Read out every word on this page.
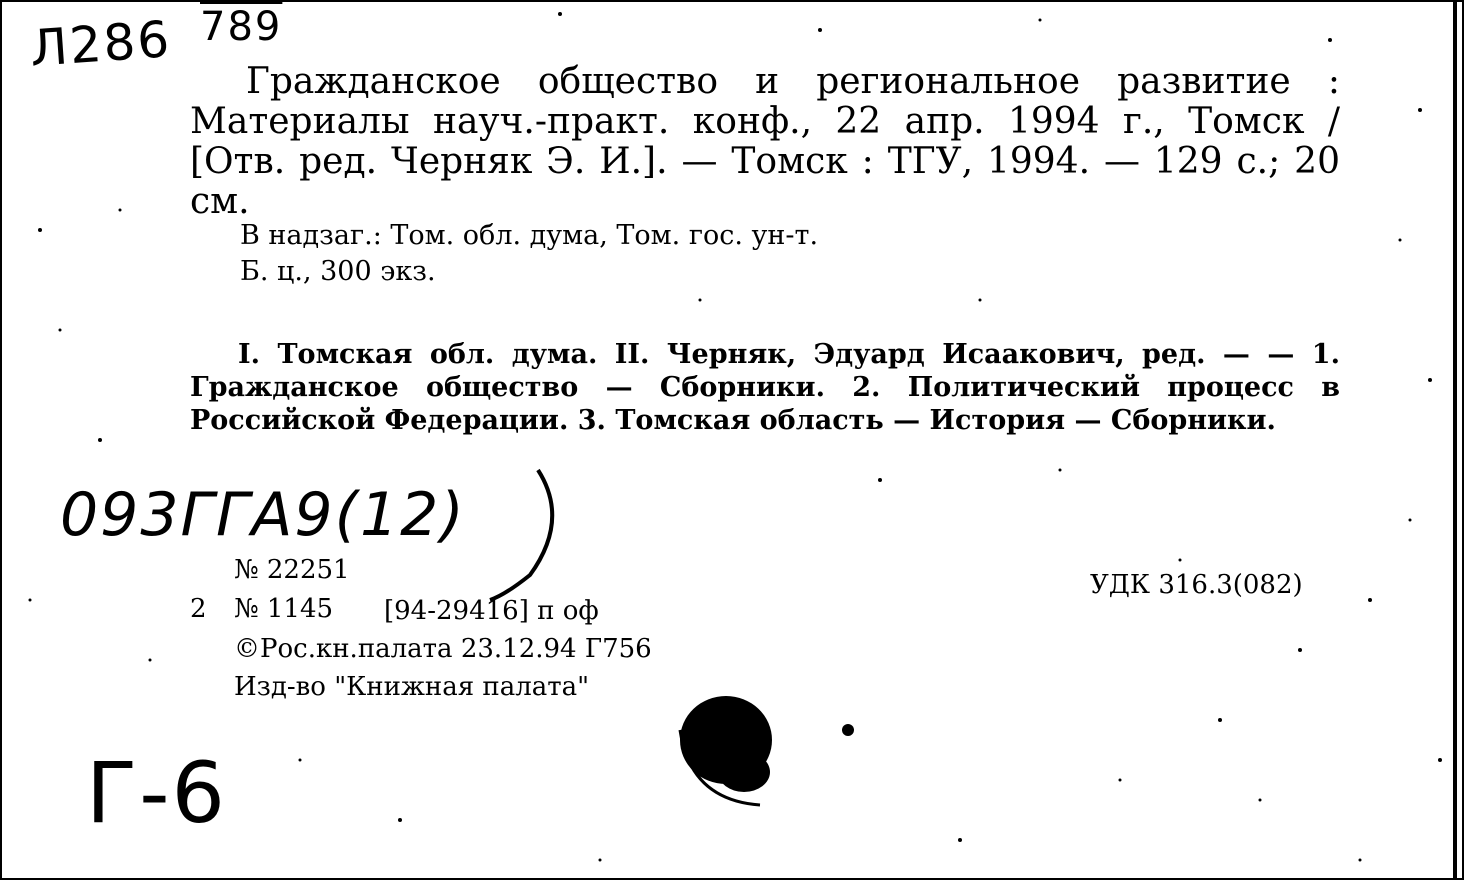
Л286 789
Гражданское общество и региональное развитие : Материалы науч.-практ. конф., 22 апр. 1994 г., Томск / [Отв. ред. Черняк Э. И.]. — Томск : ТГУ, 1994. — 129 с.; 20 см.
В надзаг.: Том. обл. дума, Том. гос. ун-т.
Б. ц., 300 экз.
I. Томская обл. дума. II. Черняк, Эдуард Исаакович, ред. — — 1. Гражданское общество — Сборники. 2. Политический процесс в Российской Федерации. 3. Томская область — История — Сборники.
093ГГА9(12)
№ 22251	УДК 316.3(082)
2 № 1145 [94-29416] п оф
©Рос.кн.палата 23.12.94 Г756
Изд-во "Книжная палата"
Г-6
